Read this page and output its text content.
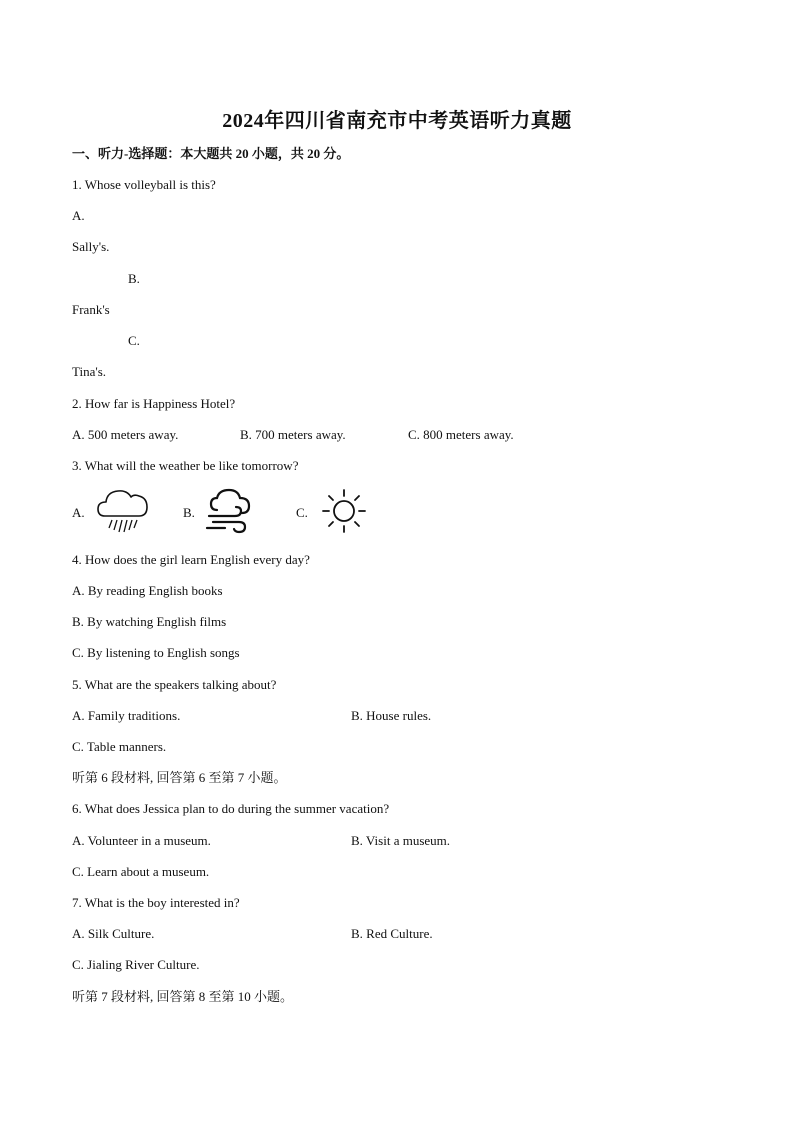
2024年四川省南充市中考英语听力真题
一、听力-选择题：本大题共 20 小题，共 20 分。
1. Whose volleyball is this?
A.
Sally's.
B.
Frank's
C.
Tina's.
2. How far is Happiness Hotel?
A. 500 meters away.	B. 700 meters away.	C. 800 meters away.
3. What will the weather be like tomorrow?
A.	B.	C.
4. How does the girl learn English every day?
A. By reading English books
B. By watching English films
C. By listening to English songs
5. What are the speakers talking about?
A. Family traditions.	B. House rules.
C. Table manners.
听第 6 段材料, 回答第 6 至第 7 小题。
6. What does Jessica plan to do during the summer vacation?
A. Volunteer in a museum.	B. Visit a museum.
C. Learn about a museum.
7. What is the boy interested in?
A. Silk Culture.	B. Red Culture.
C. Jialing River Culture.
听第 7 段材料, 回答第 8 至第 10 小题。
